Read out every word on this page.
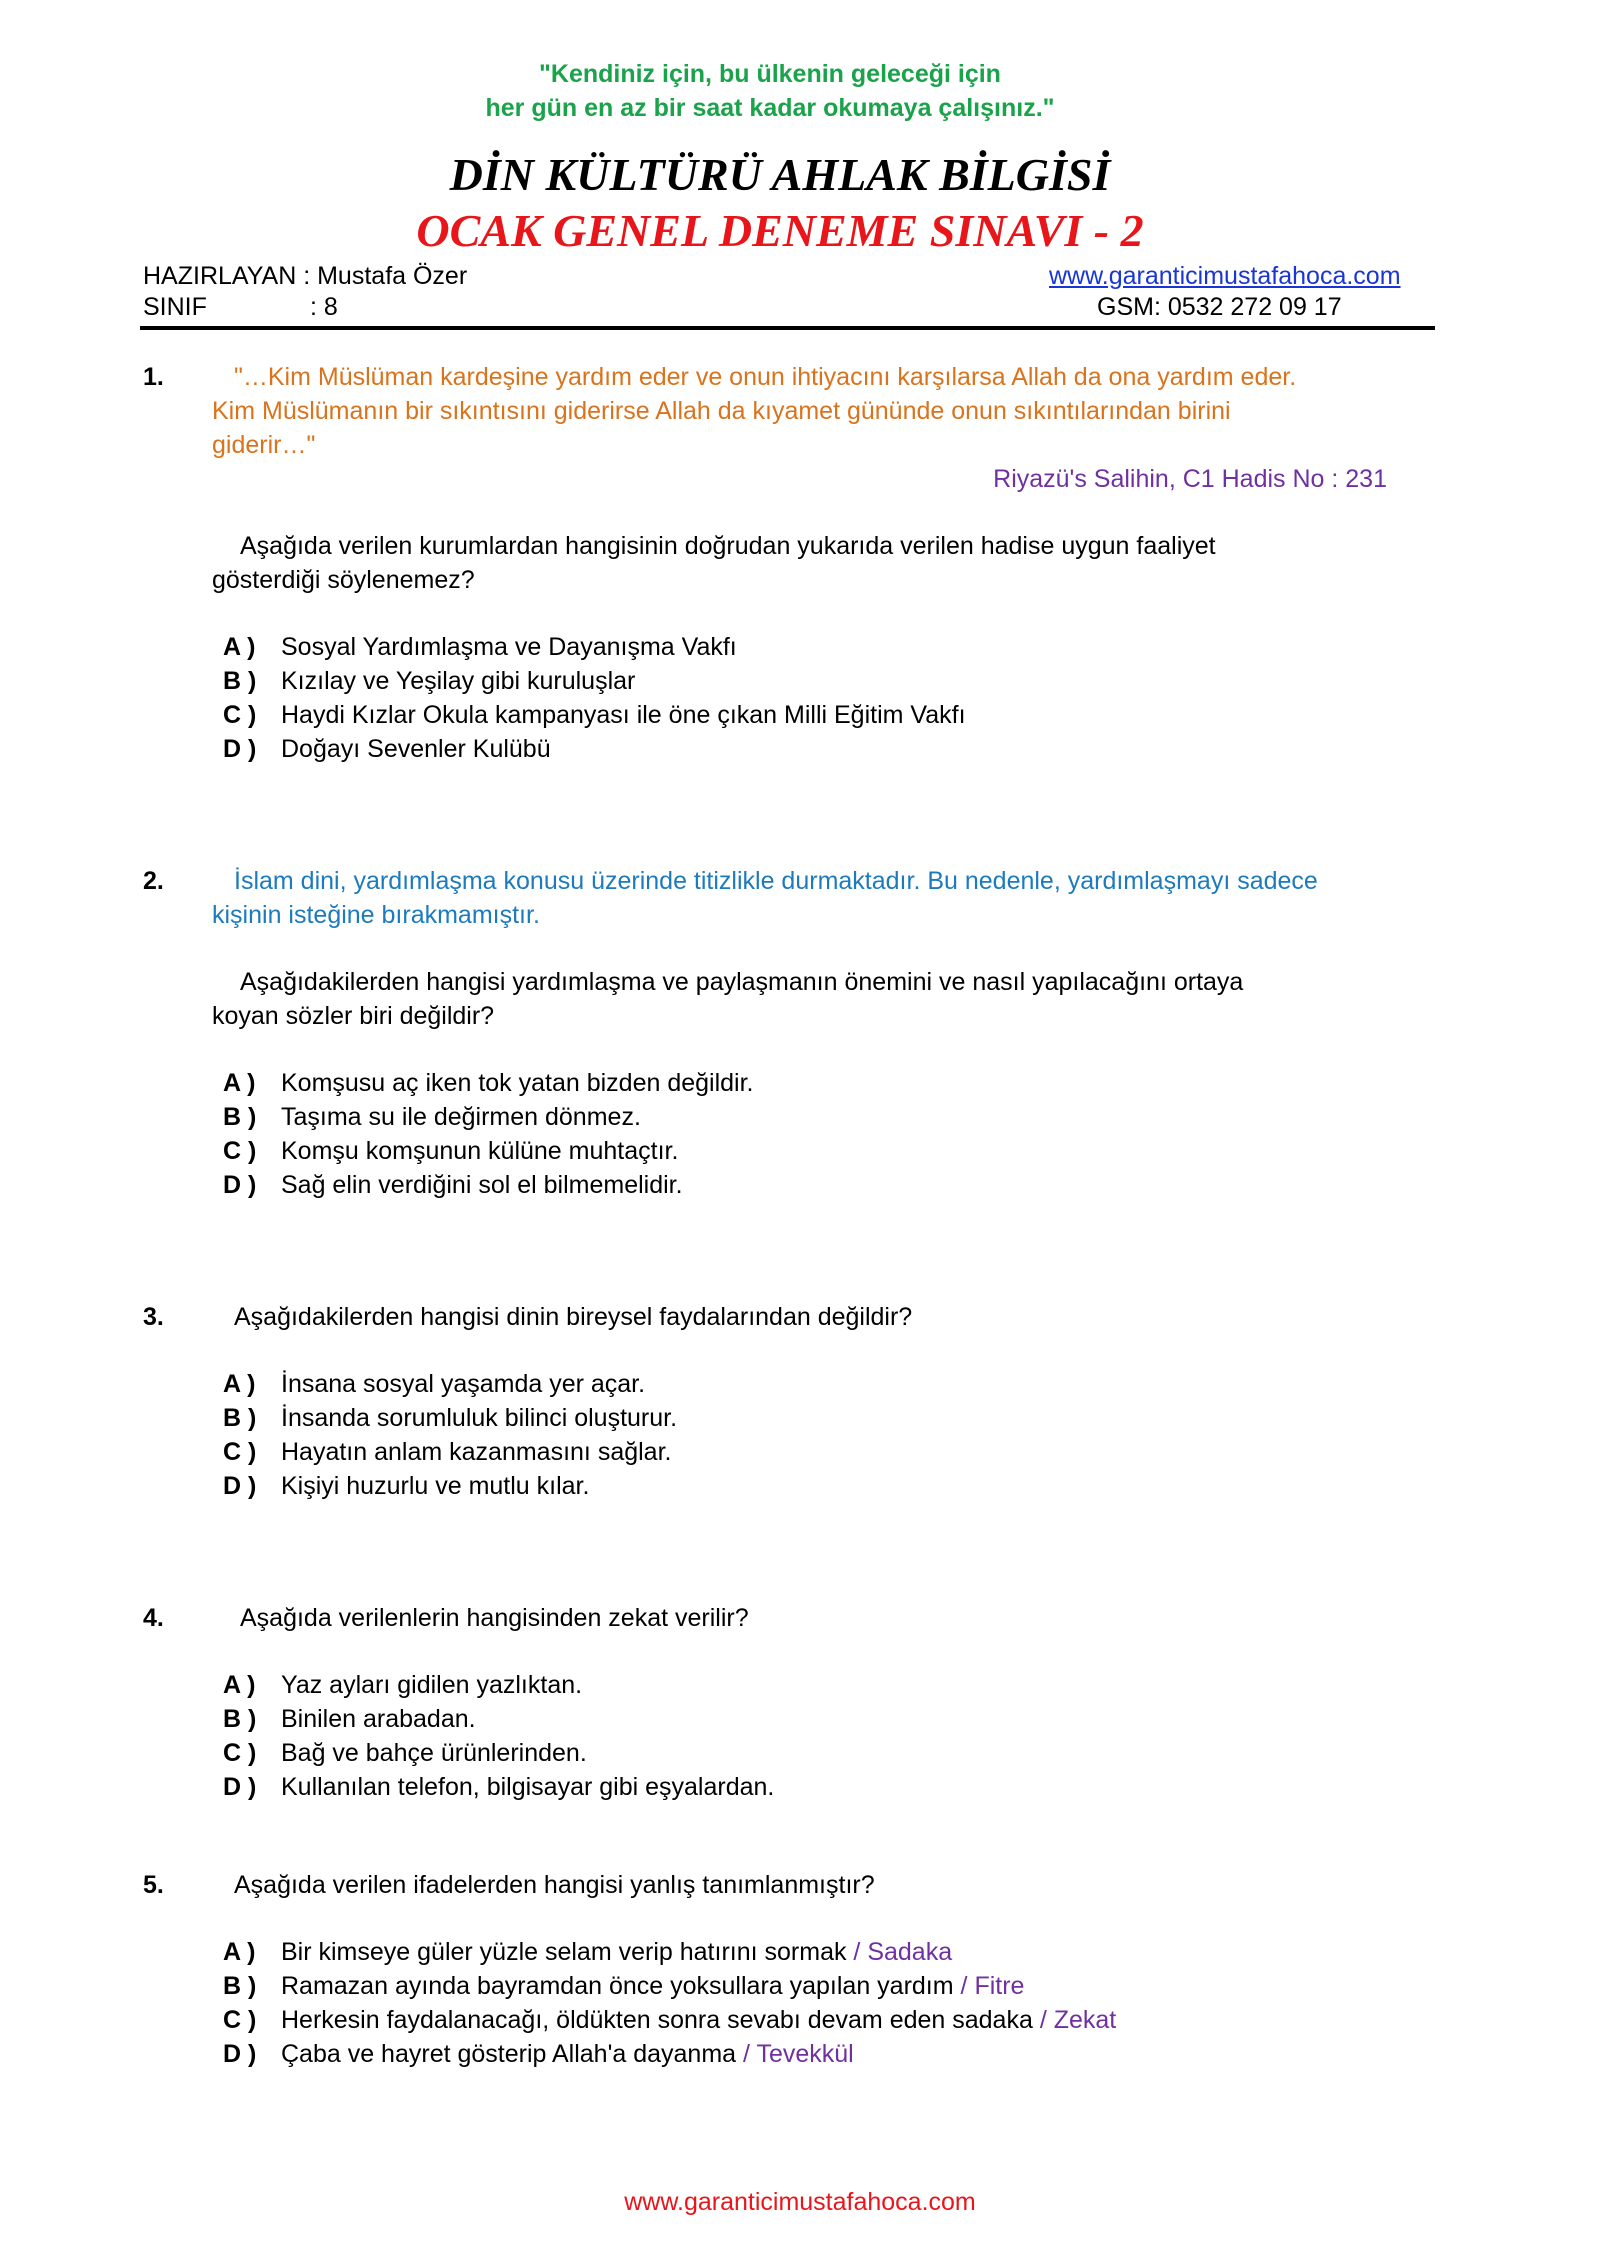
"Kendiniz için, bu ülkenin geleceği için
her gün en az bir saat kadar okumaya çalışınız."
DİN KÜLTÜRÜ AHLAK BİLGİSİ
OCAK GENEL DENEME SINAVI - 2
HAZIRLAYAN : Mustafa Özer	www.garanticimustafahoca.com
SINIF	: 8	GSM: 0532 272 09 17
1.	"…Kim Müslüman kardeşine yardım eder ve onun ihtiyacını karşılarsa Allah da ona yardım eder.
Kim Müslümanın bir sıkıntısını giderirse Allah da kıyamet gününde onun sıkıntılarından birini
giderir…"
Riyazü's Salihin, C1 Hadis No : 231
Aşağıda verilen kurumlardan hangisinin doğrudan yukarıda verilen hadise uygun faaliyet
gösterdiği söylenemez?
A ) Sosyal Yardımlaşma ve Dayanışma Vakfı
B ) Kızılay ve Yeşilay gibi kuruluşlar
C ) Haydi Kızlar Okula kampanyası ile öne çıkan Milli Eğitim Vakfı
D ) Doğayı Sevenler Kulübü
2.	İslam dini, yardımlaşma konusu üzerinde titizlikle durmaktadır. Bu nedenle, yardımlaşmayı sadece
kişinin isteğine bırakmamıştır.
Aşağıdakilerden hangisi yardımlaşma ve paylaşmanın önemini ve nasıl yapılacağını ortaya
koyan sözler biri değildir?
A ) Komşusu aç iken tok yatan bizden değildir.
B ) Taşıma su ile değirmen dönmez.
C ) Komşu komşunun külüne muhtaçtır.
D ) Sağ elin verdiğini sol el bilmemelidir.
3.	Aşağıdakilerden hangisi dinin bireysel faydalarından değildir?
A ) İnsana sosyal yaşamda yer açar.
B ) İnsanda sorumluluk bilinci oluşturur.
C ) Hayatın anlam kazanmasını sağlar.
D ) Kişiyi huzurlu ve mutlu kılar.
4.	Aşağıda verilenlerin hangisinden zekat verilir?
A ) Yaz ayları gidilen yazlıktan.
B ) Binilen arabadan.
C ) Bağ ve bahçe ürünlerinden.
D ) Kullanılan telefon, bilgisayar gibi eşyalardan.
5.	Aşağıda verilen ifadelerden hangisi yanlış tanımlanmıştır?
A ) Bir kimseye güler yüzle selam verip hatırını sormak / Sadaka
B ) Ramazan ayında bayramdan önce yoksullara yapılan yardım / Fitre
C ) Herkesin faydalanacağı, öldükten sonra sevabı devam eden sadaka / Zekat
D ) Çaba ve hayret gösterip Allah'a dayanma / Tevekkül
www.garanticimustafahoca.com
